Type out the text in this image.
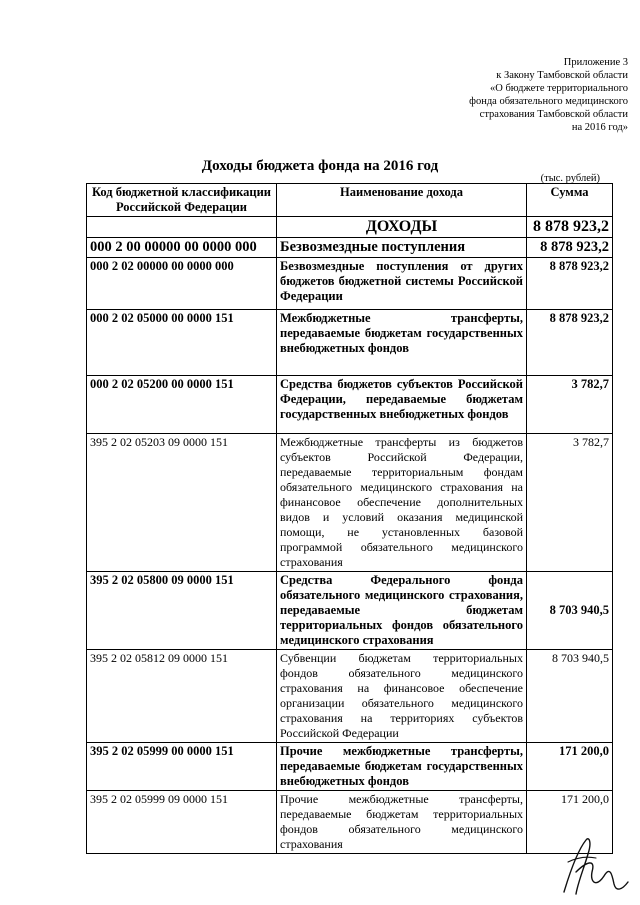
Приложение 3
к Закону Тамбовской области
«О бюджете территориального
фонда обязательного медицинского
страхования Тамбовской области
на 2016 год»
Доходы бюджета фонда на 2016 год
(тыс. рублей)
Код бюджетной классификации Российской Федерации	Наименование дохода	Сумма
	ДОХОДЫ	8 878 923,2
000 2 00 00000 00 0000 000	Безвозмездные поступления	8 878 923,2
000 2 02 00000 00 0000 000	Безвозмездные поступления от других бюджетов бюджетной системы Российской Федерации	8 878 923,2
000 2 02 05000 00 0000 151	Межбюджетные трансферты, передаваемые бюджетам государственных внебюджетных фондов	8 878 923,2
000 2 02 05200 00 0000 151	Средства бюджетов субъектов Российской Федерации, передаваемые бюджетам государственных внебюджетных фондов	3 782,7
395 2 02 05203 09 0000 151	Межбюджетные трансферты из бюджетов субъектов Российской Федерации, передаваемые территориальным фондам обязательного медицинского страхования на финансовое обеспечение дополнительных видов и условий оказания медицинской помощи, не установленных базовой программой обязательного медицинского страхования	3 782,7
395 2 02 05800 09 0000 151	Средства Федерального фонда обязательного медицинского страхования, передаваемые бюджетам территориальных фондов обязательного медицинского страхования	8 703 940,5
395 2 02 05812 09 0000 151	Субвенции бюджетам территориальных фондов обязательного медицинского страхования на финансовое обеспечение организации обязательного медицинского страхования на территориях субъектов Российской Федерации	8 703 940,5
395 2 02 05999 00 0000 151	Прочие межбюджетные трансферты, передаваемые бюджетам государственных внебюджетных фондов	171 200,0
395 2 02 05999 09 0000 151	Прочие межбюджетные трансферты, передаваемые бюджетам территориальных фондов обязательного медицинского страхования	171 200,0
